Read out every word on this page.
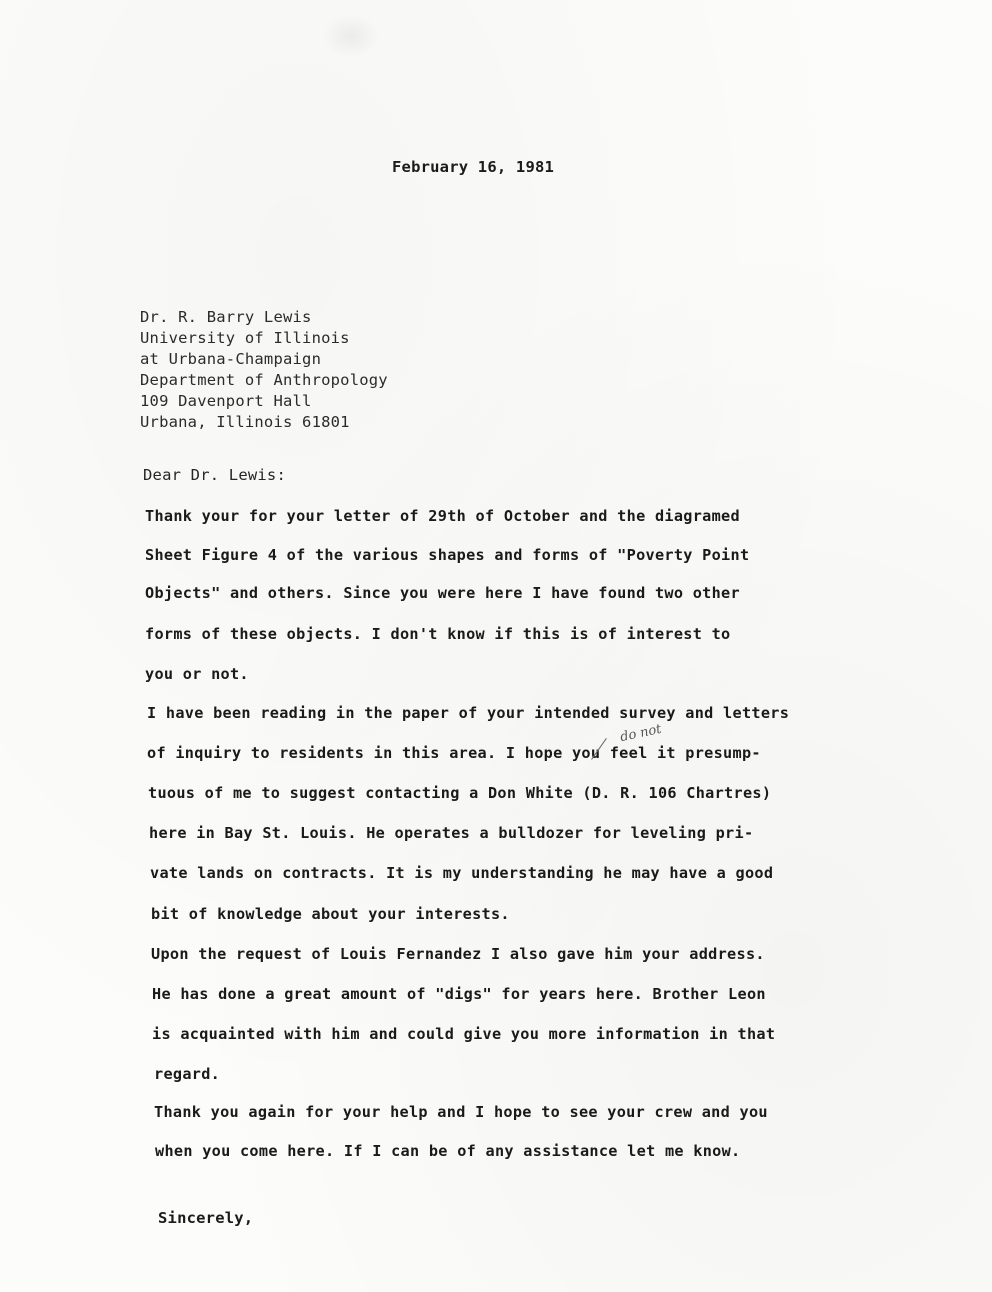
February 16, 1981
Dr. R. Barry Lewis
University of Illinois
at Urbana-Champaign
Department of Anthropology
109 Davenport Hall
Urbana, Illinois 61801
Dear Dr. Lewis:
Thank your for your letter of 29th of October and the diagramed
Sheet Figure 4 of the various shapes and forms of "Poverty Point
Objects" and others. Since you were here I have found two other
forms of these objects. I don't know if this is of interest to
you or not.
I have been reading in the paper of your intended survey and letters
of inquiry to residents in this area. I hope you feel it presump-
tuous of me to suggest contacting a Don White (D. R. 106 Chartres)
here in Bay St. Louis. He operates a bulldozer for leveling pri-
vate lands on contracts. It is my understanding he may have a good
bit of knowledge about your interests.
Upon the request of Louis Fernandez I also gave him your address.
He has done a great amount of "digs" for years here. Brother Leon
is acquainted with him and could give you more information in that
regard.
Thank you again for your help and I hope to see your crew and you
when you come here. If I can be of any assistance let me know.
do not
Sincerely,
